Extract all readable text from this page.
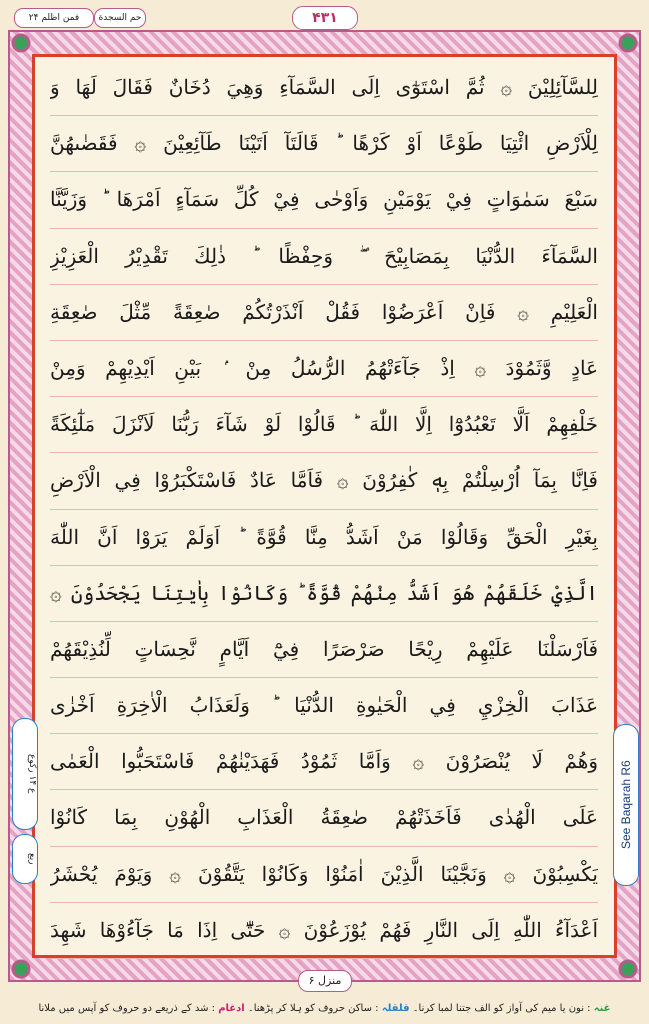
فمن اظلم ۲۴	حم السجدة	۴۳۱
لِلسَّآئِلِيْنَ ۞ ثُمَّ اسْتَوٰٓى اِلَى السَّمَآءِ وَهِيَ دُخَانٌ فَقَالَ لَهَا وَ
لِلْاَرْضِ ائْتِيَا طَوْعًا اَوْ كَرْهًا ؕ قَالَتَآ اَتَيْنَا طَآئِعِيْنَ ۞ فَقَضٰىهُنَّ
سَبْعَ سَمٰوَاتٍ فِيْ يَوْمَيْنِ وَاَوْحٰى فِيْ كُلِّ سَمَآءٍ اَمْرَهَا ؕ وَزَيَّنَّا
السَّمَآءَ الدُّنْيَا بِمَصَابِيْحَ ۖ وَحِفْظًا ؕ ذٰلِكَ تَقْدِيْرُ الْعَزِيْزِ
الْعَلِيْمِ ۞ فَاِنْ اَعْرَضُوْا فَقُلْ اَنْذَرْتُكُمْ صٰعِقَةً مِّثْلَ صٰعِقَةِ
عَادٍ وَّثَمُوْدَ ۞ اِذْ جَآءَتْهُمُ الرُّسُلُ مِنْ ۢ بَيْنِ اَيْدِيْهِمْ وَمِنْ
خَلْفِهِمْ اَلَّا تَعْبُدُوْٓا اِلَّا اللّٰهَ ؕ قَالُوْا لَوْ شَآءَ رَبُّنَا لَاَنْزَلَ مَلٰٓئِكَةً
فَاِنَّا بِمَآ اُرْسِلْتُمْ بِهٖ كٰفِرُوْنَ ۞ فَاَمَّا عَادٌ فَاسْتَكْبَرُوْا فِي الْاَرْضِ
بِغَيْرِ الْحَقِّ وَقَالُوْا مَنْ اَشَدُّ مِنَّا قُوَّةً ؕ اَوَلَمْ يَرَوْا اَنَّ اللّٰهَ
الَّذِيْ خَلَقَهُمْ هُوَ اَشَدُّ مِنْهُمْ قُوَّةً ؕ وَكَانُوْا بِاٰيٰتِنَا يَجْحَدُوْنَ ۞
فَاَرْسَلْنَا عَلَيْهِمْ رِيْحًا صَرْصَرًا فِيْٓ اَيَّامٍ نَّحِسَاتٍ لِّنُذِيْقَهُمْ
عَذَابَ الْخِزْيِ فِي الْحَيٰوةِ الدُّنْيَا ؕ وَلَعَذَابُ الْاٰخِرَةِ اَخْزٰى
وَهُمْ لَا يُنْصَرُوْنَ ۞ وَاَمَّا ثَمُوْدُ فَهَدَيْنٰهُمْ فَاسْتَحَبُّوا الْعَمٰى
عَلَى الْهُدٰى فَاَخَذَتْهُمْ صٰعِقَةُ الْعَذَابِ الْهُوْنِ بِمَا كَانُوْا
يَكْسِبُوْنَ ۞ وَنَجَّيْنَا الَّذِيْنَ اٰمَنُوْا وَكَانُوْا يَتَّقُوْنَ ۞ وَيَوْمَ يُحْشَرُ
اَعْدَآءُ اللّٰهِ اِلَى النَّارِ فَهُمْ يُوْزَعُوْنَ ۞ حَتّٰٓى اِذَا مَا جَآءُوْهَا شَهِدَ
ع ۱۴ رکوع
ربع
See Baqarah R6
منزل ۶
غنہ : نون یا میم کی آواز کو الف جتنا لمبا کرنا۔ قلقلہ : ساکن حروف کو ہلا کر پڑھنا۔ ادغام : شد کے ذریعے دو حروف کو آپس میں ملانا
